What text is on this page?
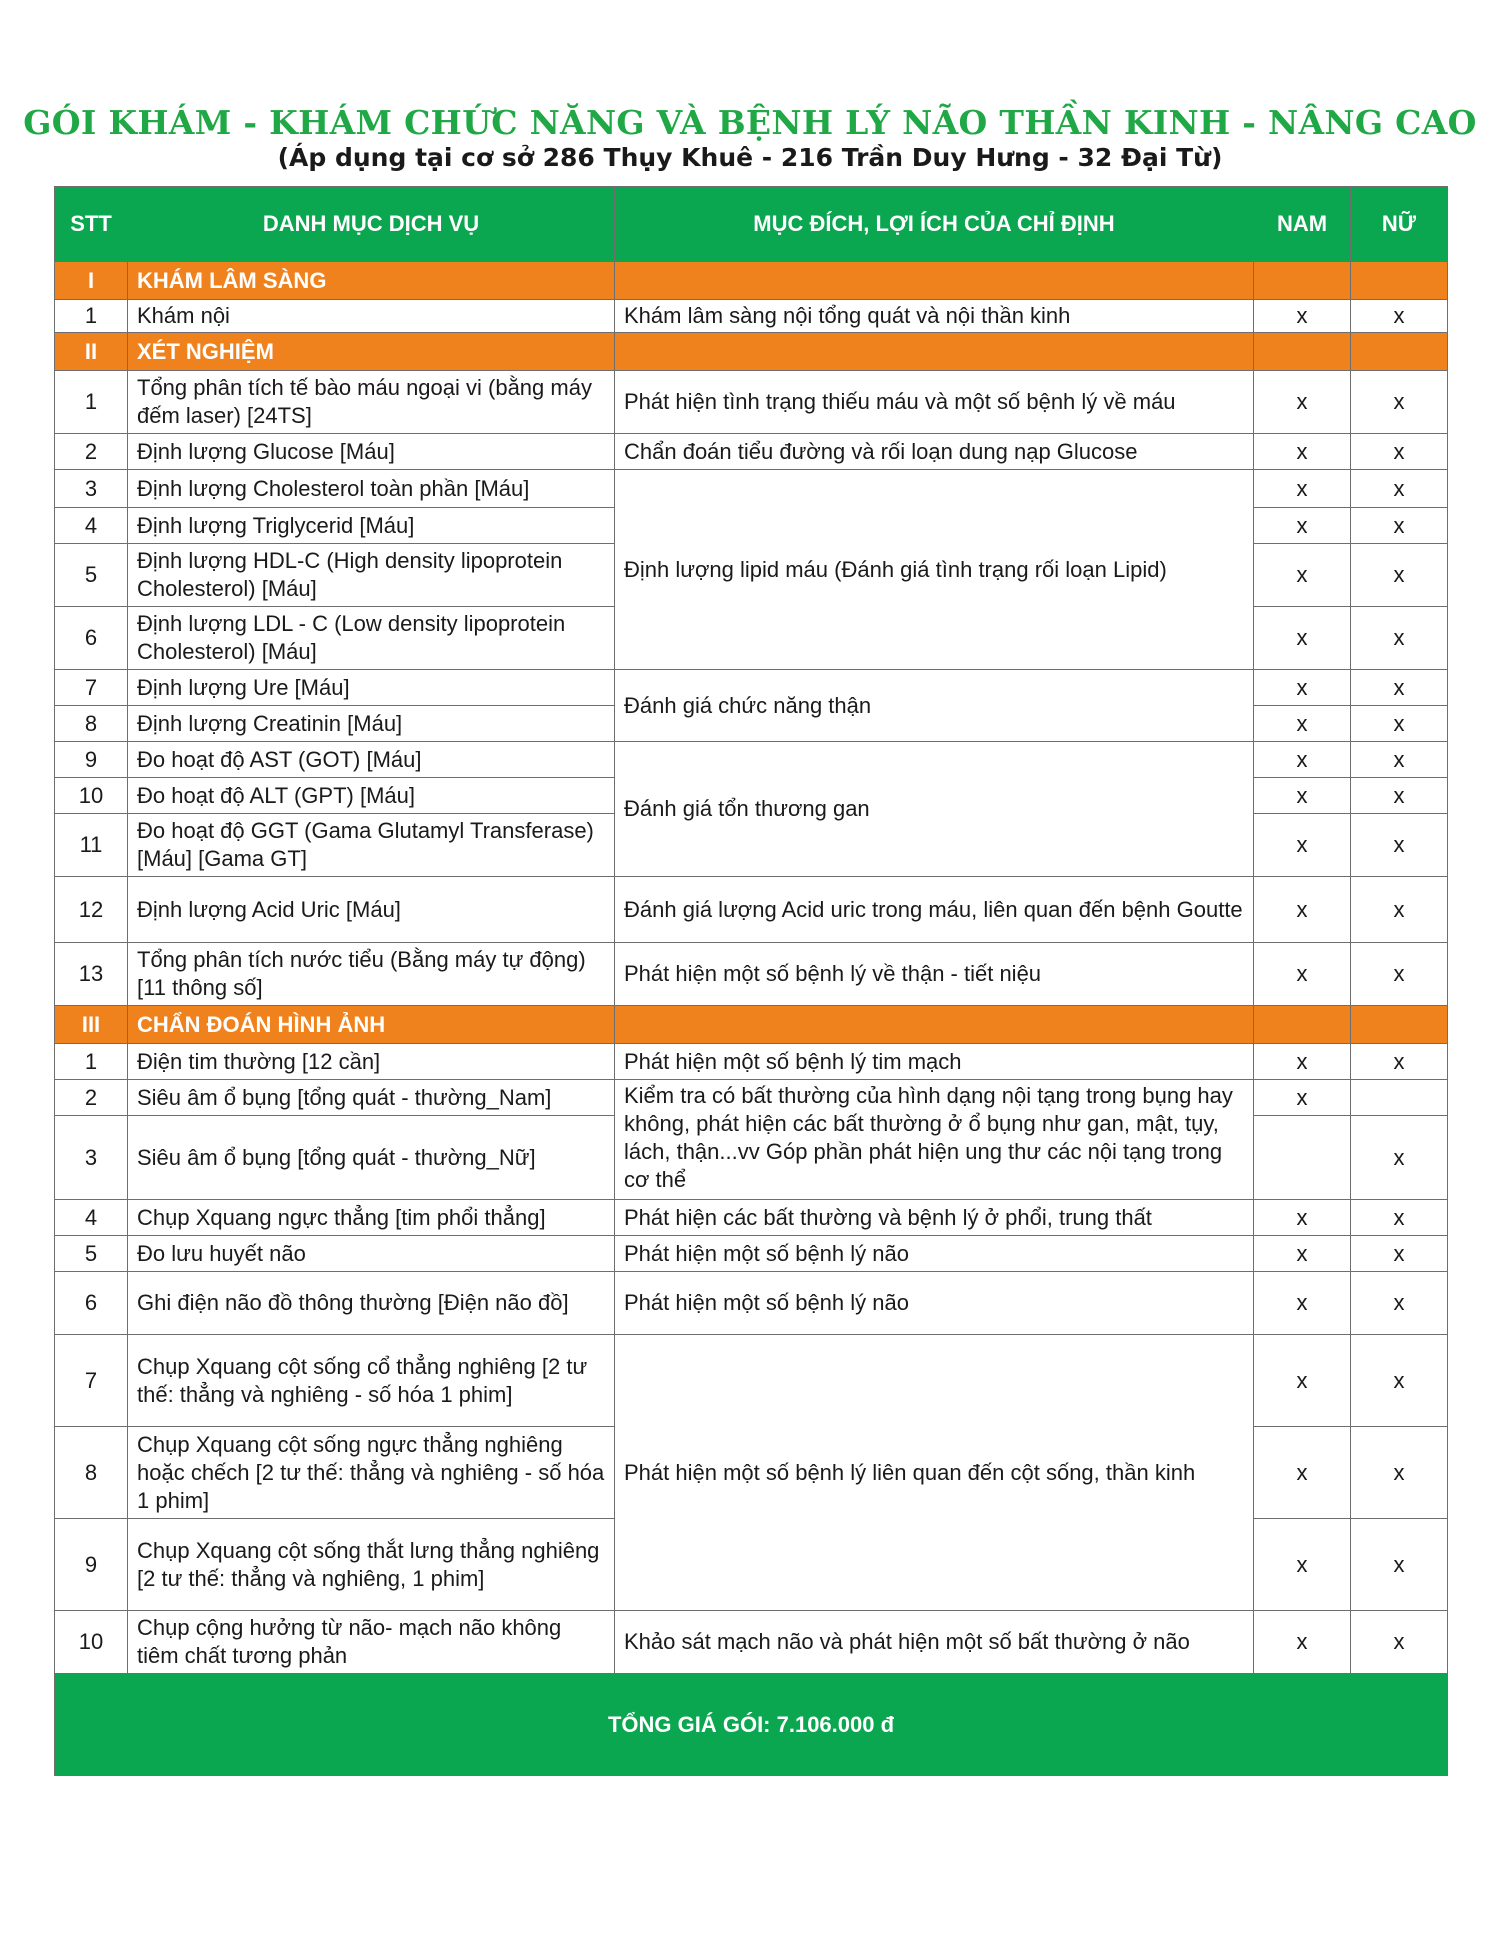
GÓI KHÁM - KHÁM CHỨC NĂNG VÀ BỆNH LÝ NÃO THẦN KINH - NÂNG CAO
(Áp dụng tại cơ sở 286 Thụy Khuê - 216 Trần Duy Hưng - 32 Đại Từ)
STT	DANH MỤC DỊCH VỤ	MỤC ĐÍCH, LỢI ÍCH CỦA CHỈ ĐỊNH	NAM	NỮ
I	KHÁM LÂM SÀNG			
1	Khám nội	Khám lâm sàng nội tổng quát và nội thần kinh	x	x
II	XÉT NGHIỆM			
1	Tổng phân tích tế bào máu ngoại vi (bằng máy đếm laser) [24TS]	Phát hiện tình trạng thiếu máu và một số bệnh lý về máu	x	x
2	Định lượng Glucose [Máu]	Chẩn đoán tiểu đường và rối loạn dung nạp Glucose	x	x
3	Định lượng Cholesterol toàn phần [Máu]	Định lượng lipid máu (Đánh giá tình trạng rối loạn Lipid)	x	x
4	Định lượng Triglycerid [Máu]		x	x
5	Định lượng HDL-C (High density lipoprotein Cholesterol) [Máu]		x	x
6	Định lượng LDL - C (Low density lipoprotein Cholesterol) [Máu]		x	x
7	Định lượng Ure [Máu]	Đánh giá chức năng thận	x	x
8	Định lượng Creatinin [Máu]		x	x
9	Đo hoạt độ AST (GOT) [Máu]	Đánh giá tổn thương gan	x	x
10	Đo hoạt độ ALT (GPT) [Máu]		x	x
11	Đo hoạt độ GGT (Gama Glutamyl Transferase) [Máu] [Gama GT]		x	x
12	Định lượng Acid Uric [Máu]	Đánh giá lượng Acid uric trong máu, liên quan đến bệnh Goutte	x	x
13	Tổng phân tích nước tiểu (Bằng máy tự động) [11 thông số]	Phát hiện một số bệnh lý về thận - tiết niệu	x	x
III	CHẨN ĐOÁN HÌNH ẢNH			
1	Điện tim thường [12 cần]	Phát hiện một số bệnh lý tim mạch	x	x
2	Siêu âm ổ bụng [tổng quát - thường_Nam]	Kiểm tra có bất thường của hình dạng nội tạng trong bụng hay không, phát hiện các bất thường ở ổ bụng như gan, mật, tụy, lách, thận...vv Góp phần phát hiện ung thư các nội tạng trong cơ thể	x	
3	Siêu âm ổ bụng [tổng quát - thường_Nữ]			x
4	Chụp Xquang ngực thẳng [tim phổi thẳng]	Phát hiện các bất thường và bệnh lý ở phổi, trung thất	x	x
5	Đo lưu huyết não	Phát hiện một số bệnh lý não	x	x
6	Ghi điện não đồ thông thường [Điện não đồ]	Phát hiện một số bệnh lý não	x	x
7	Chụp Xquang cột sống cổ thẳng nghiêng [2 tư thế: thẳng và nghiêng - số hóa 1 phim]	Phát hiện một số bệnh lý liên quan đến cột sống, thần kinh	x	x
8	Chụp Xquang cột sống ngực thẳng nghiêng hoặc chếch [2 tư thế: thẳng và nghiêng - số hóa 1 phim]		x	x
9	Chụp Xquang cột sống thắt lưng thẳng nghiêng [2 tư thế: thẳng và nghiêng, 1 phim]		x	x
10	Chụp cộng hưởng từ não- mạch não không tiêm chất tương phản	Khảo sát mạch não và phát hiện một số bất thường ở não	x	x
TỔNG GIÁ GÓI: 7.106.000 đ				
